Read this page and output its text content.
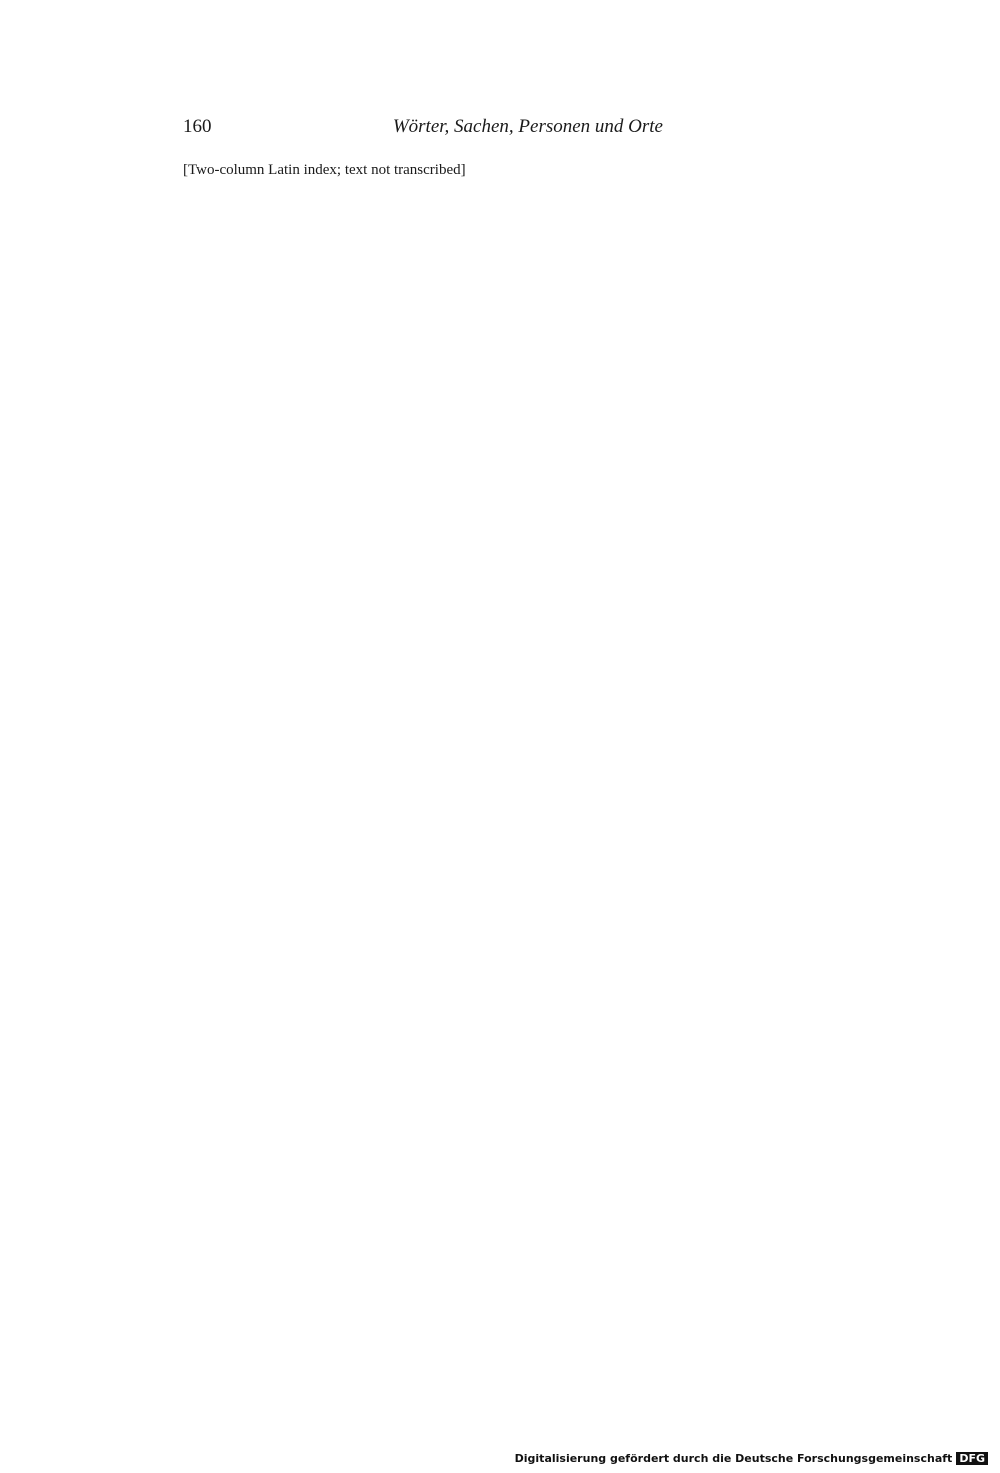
160	Wörter, Sachen, Personen und Orte
[Two-column Latin index; text not transcribed]
Digitalisierung gefördert durch die Deutsche Forschungsgemeinschaft DFG
